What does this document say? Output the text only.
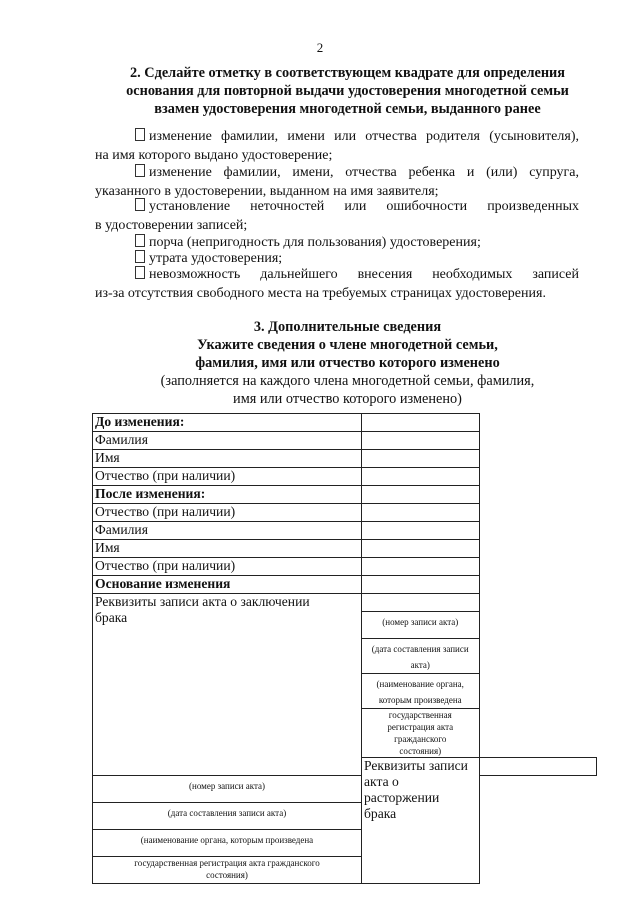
2
2. Сделайте отметку в соответствующем квадрате для определения
основания для повторной выдачи удостоверения многодетной семьи
взамен удостоверения многодетной семьи, выданного ранее
изменение фамилии, имени или отчества родителя (усыновителя),
на имя которого выдано удостоверение;
изменение фамилии, имени, отчества ребенка и (или) супруга,
указанного в удостоверении, выданном на имя заявителя;
установление неточностей или ошибочности произведенных
в удостоверении записей;
порча (непригодность для пользования) удостоверения;
утрата удостоверения;
невозможность дальнейшего внесения необходимых записей
из-за отсутствия свободного места на требуемых страницах удостоверения.
3. Дополнительные сведения
Укажите сведения о члене многодетной семьи,
фамилия, имя или отчество которого изменено
(заполняется на каждого члена многодетной семьи, фамилия,
имя или отчество которого изменено)
До изменения:		
Фамилия		
Имя		
Отчество (при наличии)		
После изменения:		
Отчество (при наличии)		
Фамилия		
Имя		
Отчество (при наличии)		
Основание изменения		

Реквизиты записи акта о заключении
брака		

	(номер записи акта)	
	(дата составления записи акта)	
	(наименование органа, которым произведена	

	государственная регистрация акта гражданского
состояния)	

	Реквизиты записи акта о расторжении
брака	

(номер записи акта)		
(дата составления записи акта)		
(наименование органа, которым произведена		

государственная регистрация акта гражданского
состояния)		
